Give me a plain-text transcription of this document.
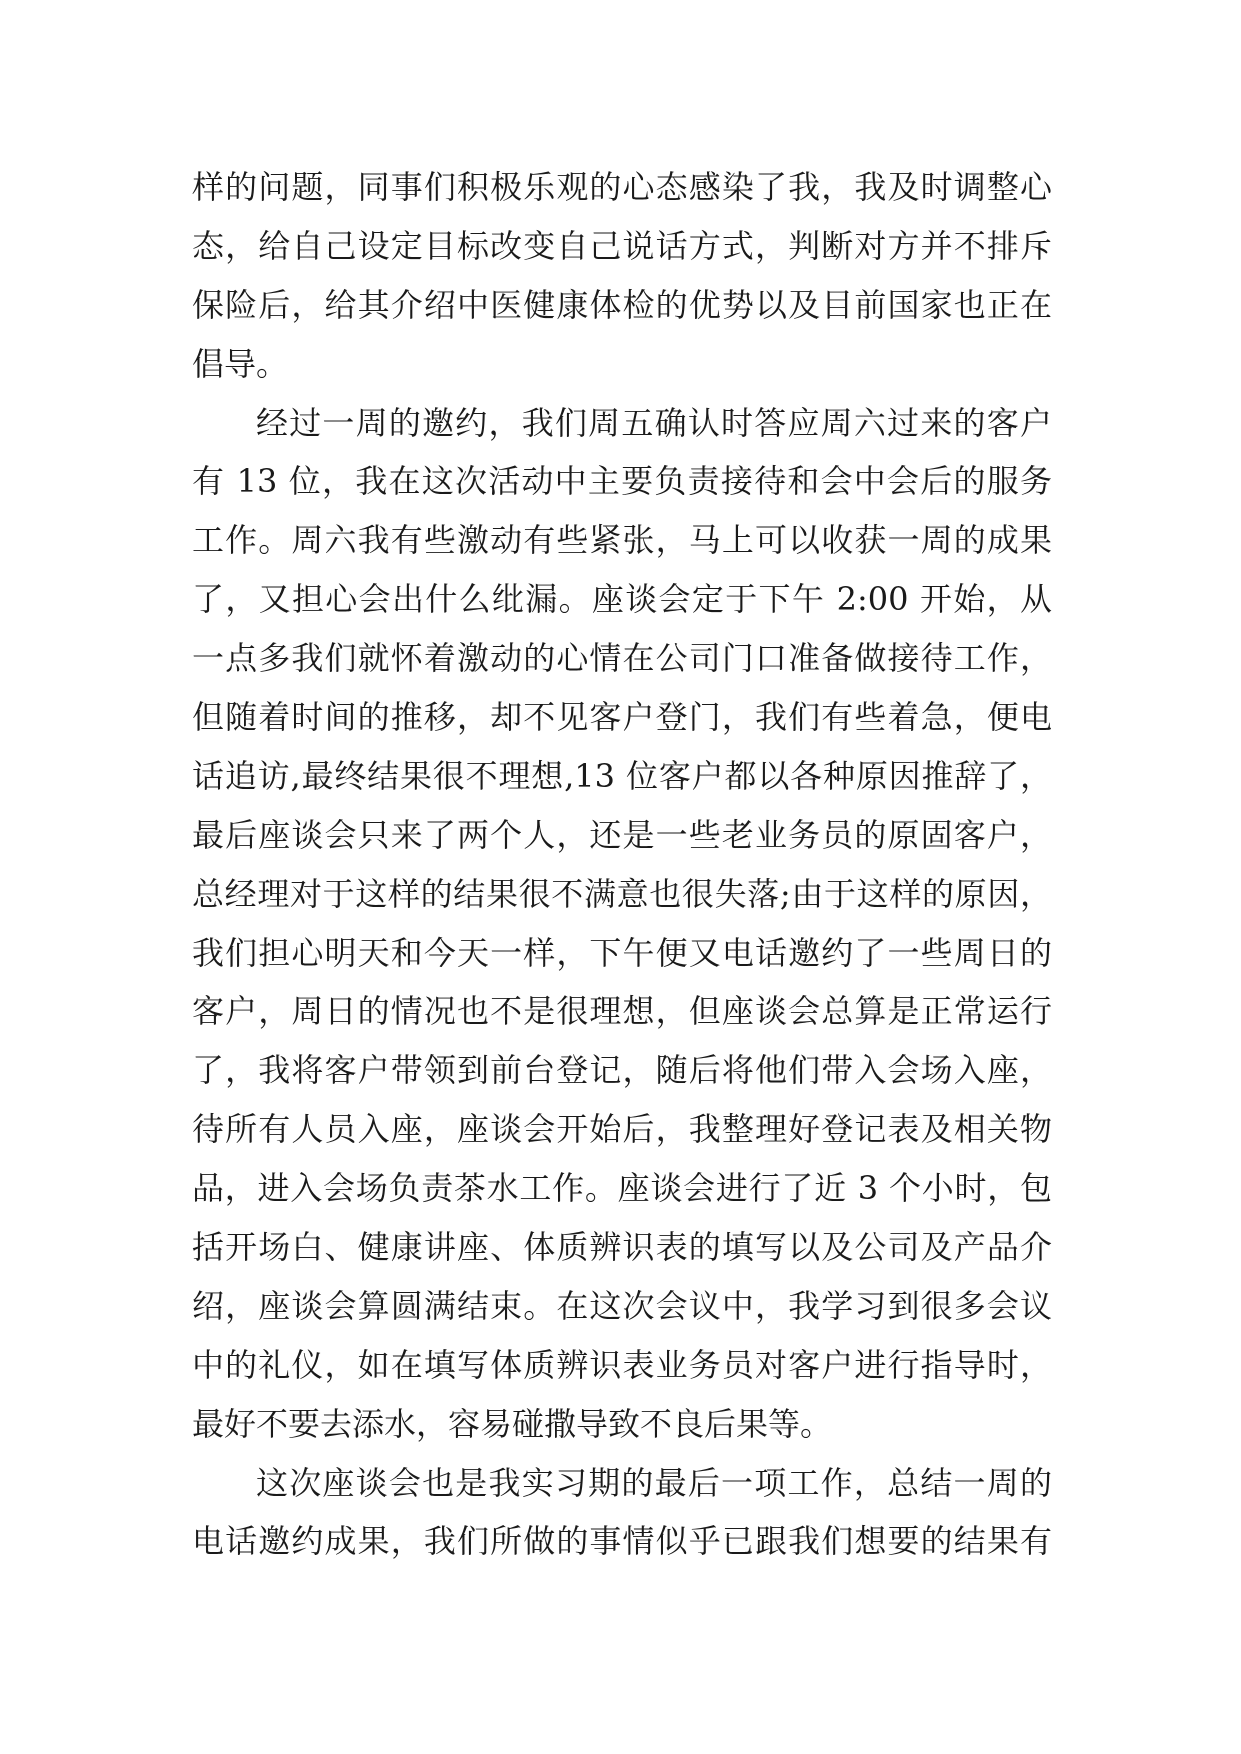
样的问题，同事们积极乐观的心态感染了我，我及时调整心
态，给自己设定目标改变自己说话方式，判断对方并不排斥
保险后，给其介绍中医健康体检的优势以及目前国家也正在
倡导。
经过一周的邀约，我们周五确认时答应周六过来的客户
有 13 位，我在这次活动中主要负责接待和会中会后的服务
工作。周六我有些激动有些紧张，马上可以收获一周的成果
了，又担心会出什么纰漏。座谈会定于下午 2:00 开始，从
一点多我们就怀着激动的心情在公司门口准备做接待工作，
但随着时间的推移，却不见客户登门，我们有些着急，便电
话追访,最终结果很不理想,13 位客户都以各种原因推辞了，
最后座谈会只来了两个人，还是一些老业务员的原固客户，
总经理对于这样的结果很不满意也很失落;由于这样的原因，
我们担心明天和今天一样，下午便又电话邀约了一些周日的
客户，周日的情况也不是很理想，但座谈会总算是正常运行
了，我将客户带领到前台登记，随后将他们带入会场入座，
待所有人员入座，座谈会开始后，我整理好登记表及相关物
品，进入会场负责茶水工作。座谈会进行了近 3 个小时，包
括开场白、健康讲座、体质辨识表的填写以及公司及产品介
绍，座谈会算圆满结束。在这次会议中，我学习到很多会议
中的礼仪，如在填写体质辨识表业务员对客户进行指导时，
最好不要去添水，容易碰撒导致不良后果等。
这次座谈会也是我实习期的最后一项工作，总结一周的
电话邀约成果，我们所做的事情似乎已跟我们想要的结果有
